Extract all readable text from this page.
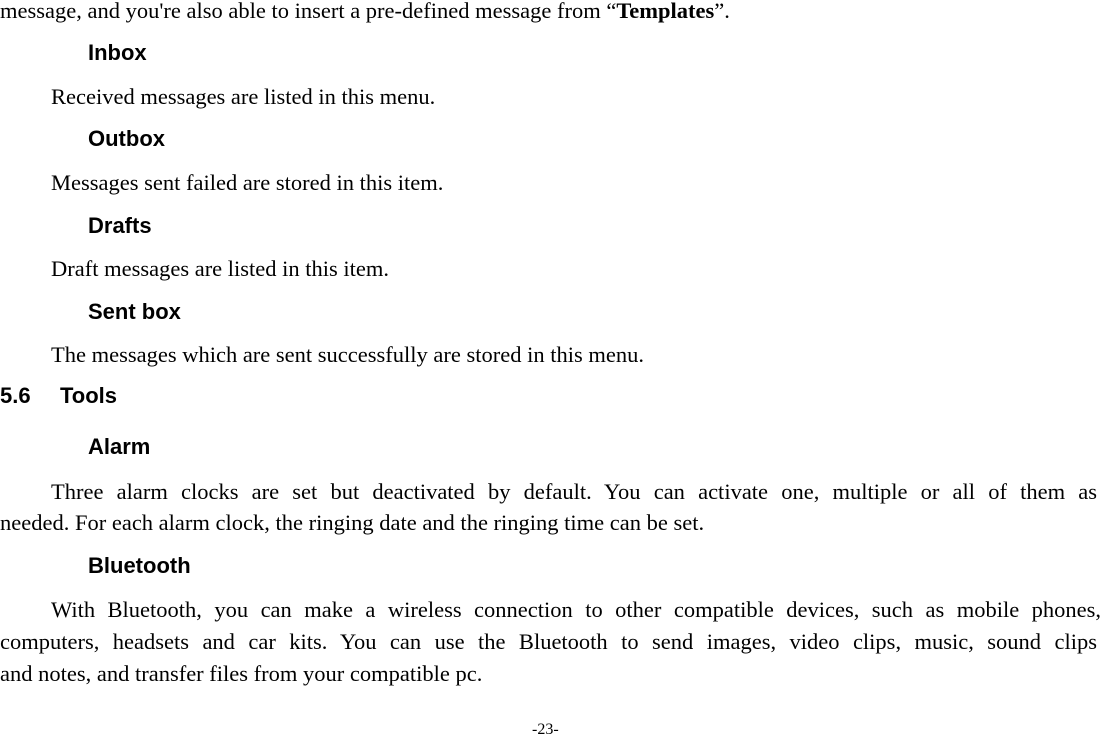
message, and you're also able to insert a pre-defined message from “Templates”.
Inbox
Received messages are listed in this menu.
Outbox
Messages sent failed are stored in this item.
Drafts
Draft messages are listed in this item.
Sent box
The messages which are sent successfully are stored in this menu.
5.6 Tools
Alarm
Three alarm clocks are set but deactivated by default. You can activate one, multiple or all of them as
needed. For each alarm clock, the ringing date and the ringing time can be set.
Bluetooth
With Bluetooth, you can make a wireless connection to other compatible devices, such as mobile phones,
computers, headsets and car kits. You can use the Bluetooth to send images, video clips, music, sound clips
and notes, and transfer files from your compatible pc.
-23-
